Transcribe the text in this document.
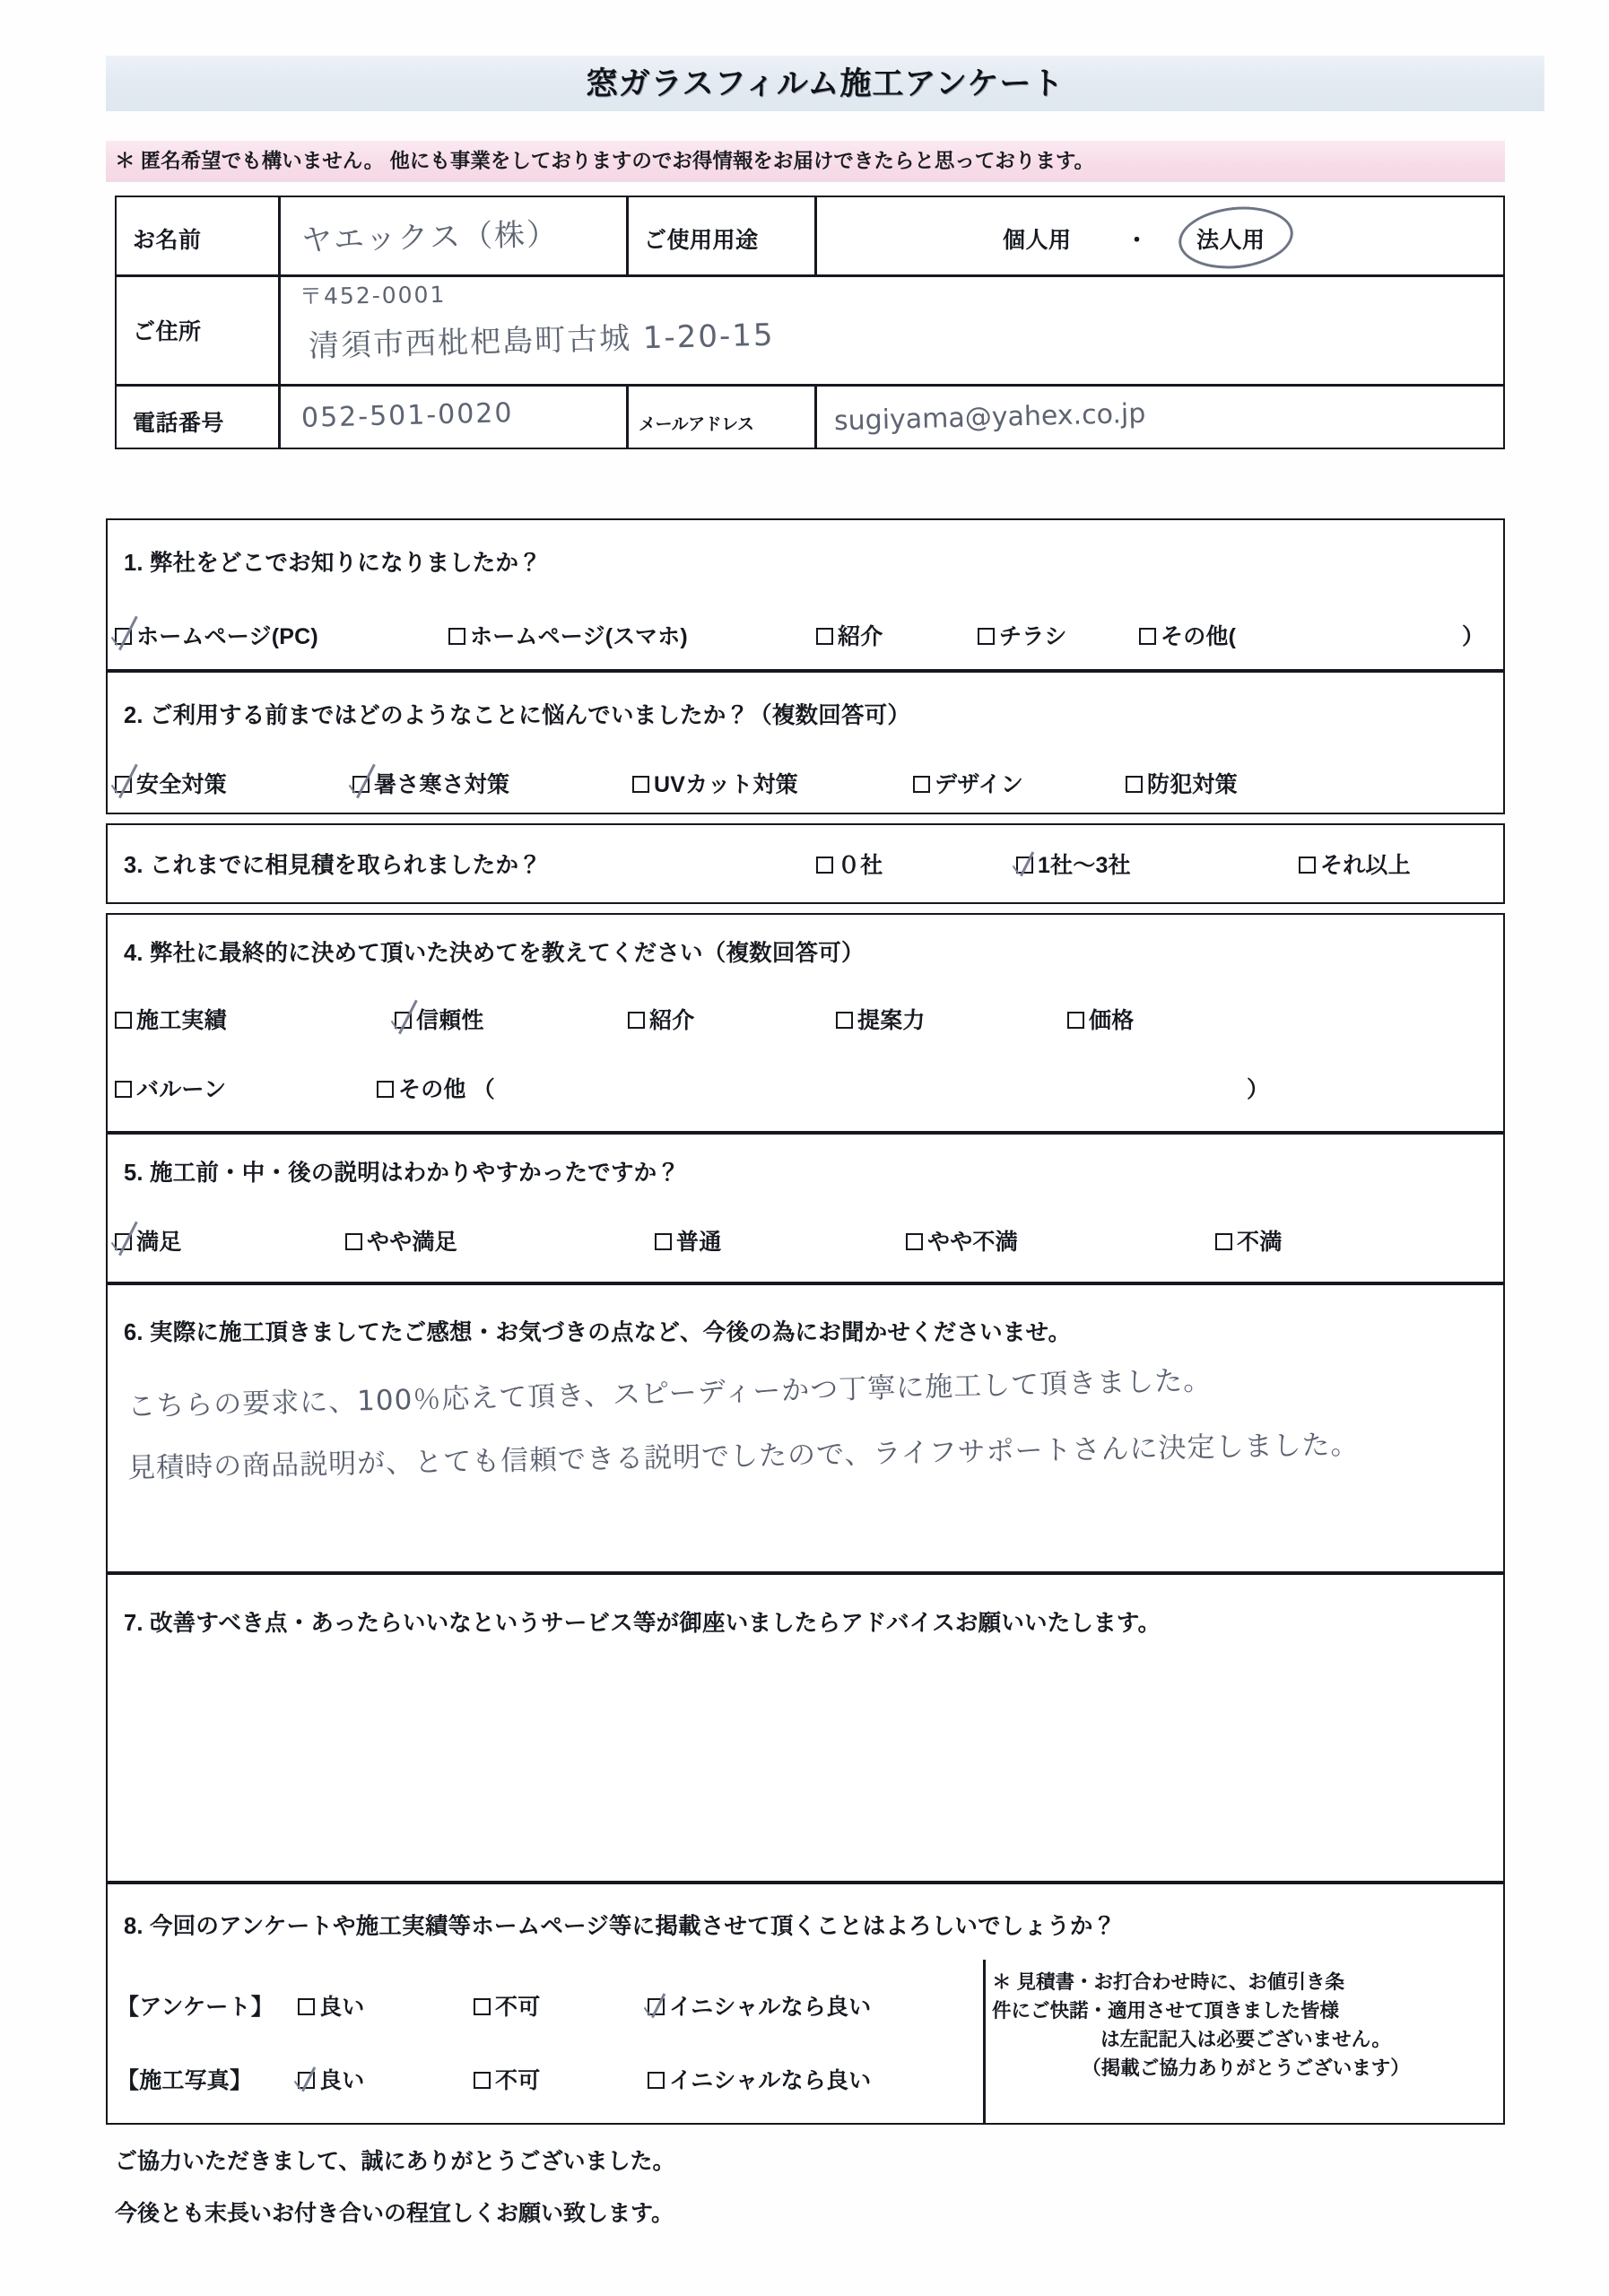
窓ガラスフィルム施工アンケート
＊ 匿名希望でも構いません。 他にも事業をしておりますのでお得情報をお届けできたらと思っております。
お名前	ヤエックス（株）	ご使用用途	個人用 ・ 法人用
ご住所
〒452-0001
清須市西枇杷島町古城 1-20-15
電話番号	052-501-0020	メールアドレス	sugiyama@yahex.co.jp
1. 弊社をどこでお知りになりましたか？
ホームページ(PC)	ホームページ(スマホ)	紹介	チラシ	その他(	）
2. ご利用する前まではどのようなことに悩んでいましたか？（複数回答可）
安全対策	暑さ寒さ対策	UVカット対策	デザイン	防犯対策
3. これまでに相見積を取られましたか？	０社	1社～3社	それ以上
4. 弊社に最終的に決めて頂いた決めてを教えてください（複数回答可）
施工実績	信頼性	紹介	提案力	価格
バルーン	その他 （	）
5. 施工前・中・後の説明はわかりやすかったですか？
満足	やや満足	普通	やや不満	不満
6. 実際に施工頂きましてたご感想・お気づきの点など、今後の為にお聞かせくださいませ。
こちらの要求に、100％応えて頂き、スピーディーかつ丁寧に施工して頂きました。
見積時の商品説明が、とても信頼できる説明でしたので、ライフサポートさんに決定しました。
7. 改善すべき点・あったらいいなというサービス等が御座いましたらアドバイスお願いいたします。
8. 今回のアンケートや施工実績等ホームページ等に掲載させて頂くことはよろしいでしょうか？
【アンケート】	良い	不可	イニシャルなら良い
【施工写真】	良い	不可	イニシャルなら良い
＊ 見積書・お打合わせ時に、お値引き条
件にご快諾・適用させて頂きました皆様
は左記記入は必要ございません。
（掲載ご協力ありがとうございます）
ご協力いただきまして、誠にありがとうございました。
今後とも末長いお付き合いの程宜しくお願い致します。
